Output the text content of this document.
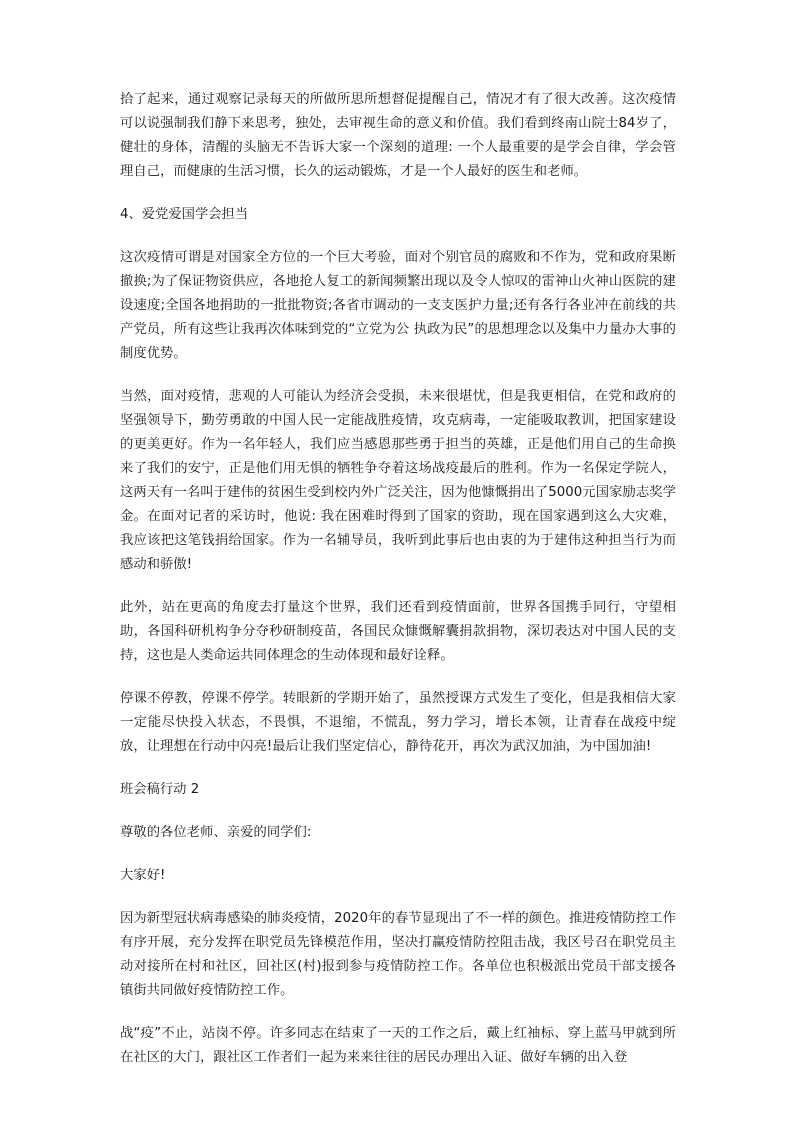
拾了起来，通过观察记录每天的所做所思所想督促提醒自己，情况才有了很大改善。这次疫情可以说强制我们静下来思考，独处，去审视生命的意义和价值。我们看到终南山院士84岁了，健壮的身体，清醒的头脑无不告诉大家一个深刻的道理: 一个人最重要的是学会自律，学会管理自己，而健康的生活习惯，长久的运动锻炼，才是一个人最好的医生和老师。

4、爱党爱国学会担当

这次疫情可谓是对国家全方位的一个巨大考验，面对个别官员的腐败和不作为，党和政府果断撤换;为了保证物资供应，各地抢人复工的新闻频繁出现以及令人惊叹的雷神山火神山医院的建设速度;全国各地捐助的一批批物资;各省市调动的一支支医护力量;还有各行各业冲在前线的共产党员，所有这些让我再次体味到党的“立党为公 执政为民”的思想理念以及集中力量办大事的制度优势。

当然，面对疫情，悲观的人可能认为经济会受损，未来很堪忧，但是我更相信，在党和政府的坚强领导下，勤劳勇敢的中国人民一定能战胜疫情，攻克病毒，一定能吸取教训，把国家建设的更美更好。作为一名年轻人，我们应当感恩那些勇于担当的英雄，正是他们用自己的生命换来了我们的安宁，正是他们用无惧的牺牲争夺着这场战疫最后的胜利。作为一名保定学院人，这两天有一名叫于建伟的贫困生受到校内外广泛关注，因为他慷慨捐出了5000元国家励志奖学金。在面对记者的采访时，他说: 我在困难时得到了国家的资助，现在国家遇到这么大灾难，我应该把这笔钱捐给国家。作为一名辅导员，我听到此事后也由衷的为于建伟这种担当行为而感动和骄傲!

此外，站在更高的角度去打量这个世界，我们还看到疫情面前，世界各国携手同行，守望相助，各国科研机构争分夺秒研制疫苗，各国民众慷慨解囊捐款捐物，深切表达对中国人民的支持，这也是人类命运共同体理念的生动体现和最好诠释。

停课不停教，停课不停学。转眼新的学期开始了，虽然授课方式发生了变化，但是我相信大家一定能尽快投入状态，不畏惧，不退缩，不慌乱，努力学习，增长本领，让青春在战疫中绽放，让理想在行动中闪亮!最后让我们坚定信心，静待花开，再次为武汉加油，为中国加油!

班会稿行动 2

尊敬的各位老师、亲爱的同学们:

大家好!

因为新型冠状病毒感染的肺炎疫情，2020年的春节显现出了不一样的颜色。推进疫情防控工作有序开展，充分发挥在职党员先锋模范作用，坚决打赢疫情防控阻击战，我区号召在职党员主动对接所在村和社区，回社区(村)报到参与疫情防控工作。各单位也积极派出党员干部支援各镇街共同做好疫情防控工作。

战“疫”不止，站岗不停。许多同志在结束了一天的工作之后，戴上红袖标、穿上蓝马甲就到所在社区的大门，跟社区工作者们一起为来来往往的居民办理出入证、做好车辆的出入登
